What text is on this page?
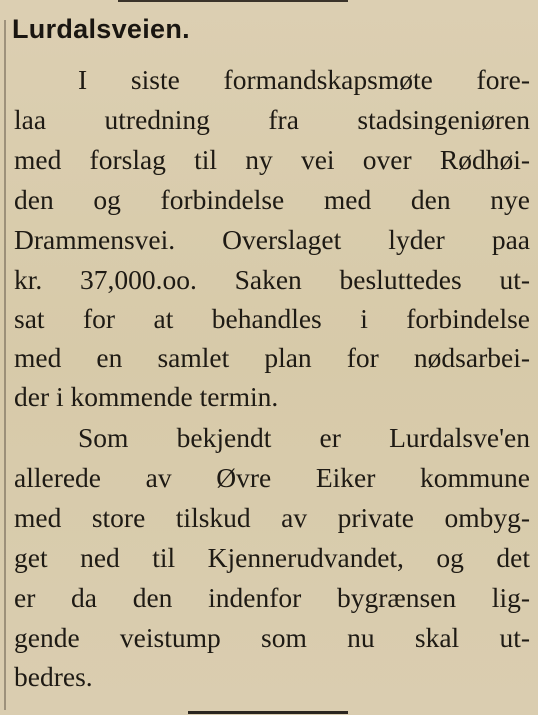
Lurdalsveien.
I siste formandskapsmøte fore-
laa utredning fra stadsingeniøren
med forslag til ny vei over Rødhøi-
den og forbindelse med den nye
Drammensvei. Overslaget lyder paa
kr. 37,000.oo. Saken besluttedes ut-
sat for at behandles i forbindelse
med en samlet plan for nødsarbei-
der i kommende termin.
Som bekjendt er Lurdalsve'en
allerede av Øvre Eiker kommune
med store tilskud av private ombyg-
get ned til Kjennerudvandet, og det
er da den indenfor bygrænsen lig-
gende veistump som nu skal ut-
bedres.
